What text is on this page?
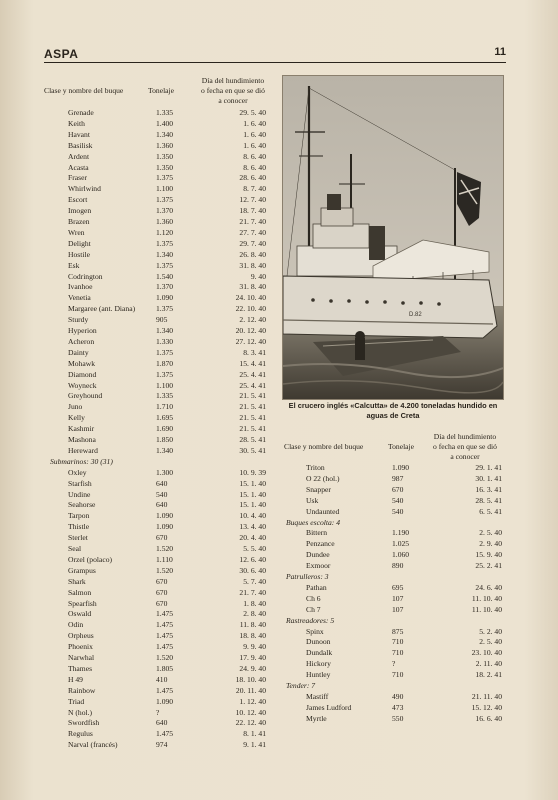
ASPA	11
Clase y nombre del buque	Tonelaje
Día del hundimiento
o fecha en que se dió
a conocer
Grenade	1.335	29. 5. 40
Keith	1.400	1. 6. 40
Havant	1.340	1. 6. 40
Basilisk	1.360	1. 6. 40
Ardent	1.350	8. 6. 40
Acasta	1.350	8. 6. 40
Fraser	1.375	28. 6. 40
Whirlwind	1.100	8. 7. 40
Escort	1.375	12. 7. 40
Imogen	1.370	18. 7. 40
Brazen	1.360	21. 7. 40
Wren	1.120	27. 7. 40
Delight	1.375	29. 7. 40
Hostile	1.340	26. 8. 40
Esk	1.375	31. 8. 40
Codrington	1.540	9. 40
Ivanhoe	1.370	31. 8. 40
Venetia	1.090	24. 10. 40
Margaree (ant. Diana)	1.375	22. 10. 40
Sturdy	905	2. 12. 40
Hyperion	1.340	20. 12. 40
Acheron	1.330	27. 12. 40
Dainty	1.375	8. 3. 41
Mohawk	1.870	15. 4. 41
Diamond	1.375	25. 4. 41
Woyneck	1.100	25. 4. 41
Greyhound	1.335	21. 5. 41
Juno	1.710	21. 5. 41
Kelly	1.695	21. 5. 41
Kashmir	1.690	21. 5. 41
Mashona	1.850	28. 5. 41
Hereward	1.340	30. 5. 41
Submarinos: 30 (31)
Oxley	1.300	10. 9. 39
Starfish	640	15. 1. 40
Undine	540	15. 1. 40
Seahorse	640	15. 1. 40
Tarpon	1.090	10. 4. 40
Thistle	1.090	13. 4. 40
Sterlet	670	20. 4. 40
Seal	1.520	5. 5. 40
Orzel (polaco)	1.110	12. 6. 40
Grampus	1.520	30. 6. 40
Shark	670	5. 7. 40
Salmon	670	21. 7. 40
Spearfish	670	1. 8. 40
Oswald	1.475	2. 8. 40
Odin	1.475	11. 8. 40
Orpheus	1.475	18. 8. 40
Phoenix	1.475	9. 9. 40
Narwhal	1.520	17. 9. 40
Thames	1.805	24. 9. 40
H 49	410	18. 10. 40
Rainbow	1.475	20. 11. 40
Triad	1.090	1. 12. 40
N (hol.)	?	10. 12. 40
Swordfish	640	22. 12. 40
Regulus	1.475	8. 1. 41
Narval (francés)	974	9. 1. 41
D.82
El crucero inglés «Calcutta» de 4.200 toneladas hundido en aguas de Creta
Clase y nombre del buque	Tonelaje
Día del hundimiento
o fecha en que se dió
a conocer
Triton	1.090	29. 1. 41
O 22 (hol.)	987	30. 1. 41
Snapper	670	16. 3. 41
Usk	540	28. 5. 41
Undaunted	540	6. 5. 41
Buques escolta: 4
Bittern	1.190	2. 5. 40
Penzance	1.025	2. 9. 40
Dundee	1.060	15. 9. 40
Exmoor	890	25. 2. 41
Patrulleros: 3
Pathan	695	24. 6. 40
Ch 6	107	11. 10. 40
Ch 7	107	11. 10. 40
Rastreadores: 5
Spinx	875	5. 2. 40
Dunoon	710	2. 5. 40
Dundalk	710	23. 10. 40
Hickory	?	2. 11. 40
Huntley	710	18. 2. 41
Tender: 7
Mastiff	490	21. 11. 40
James Ludford	473	15. 12. 40
Myrtle	550	16. 6. 40
